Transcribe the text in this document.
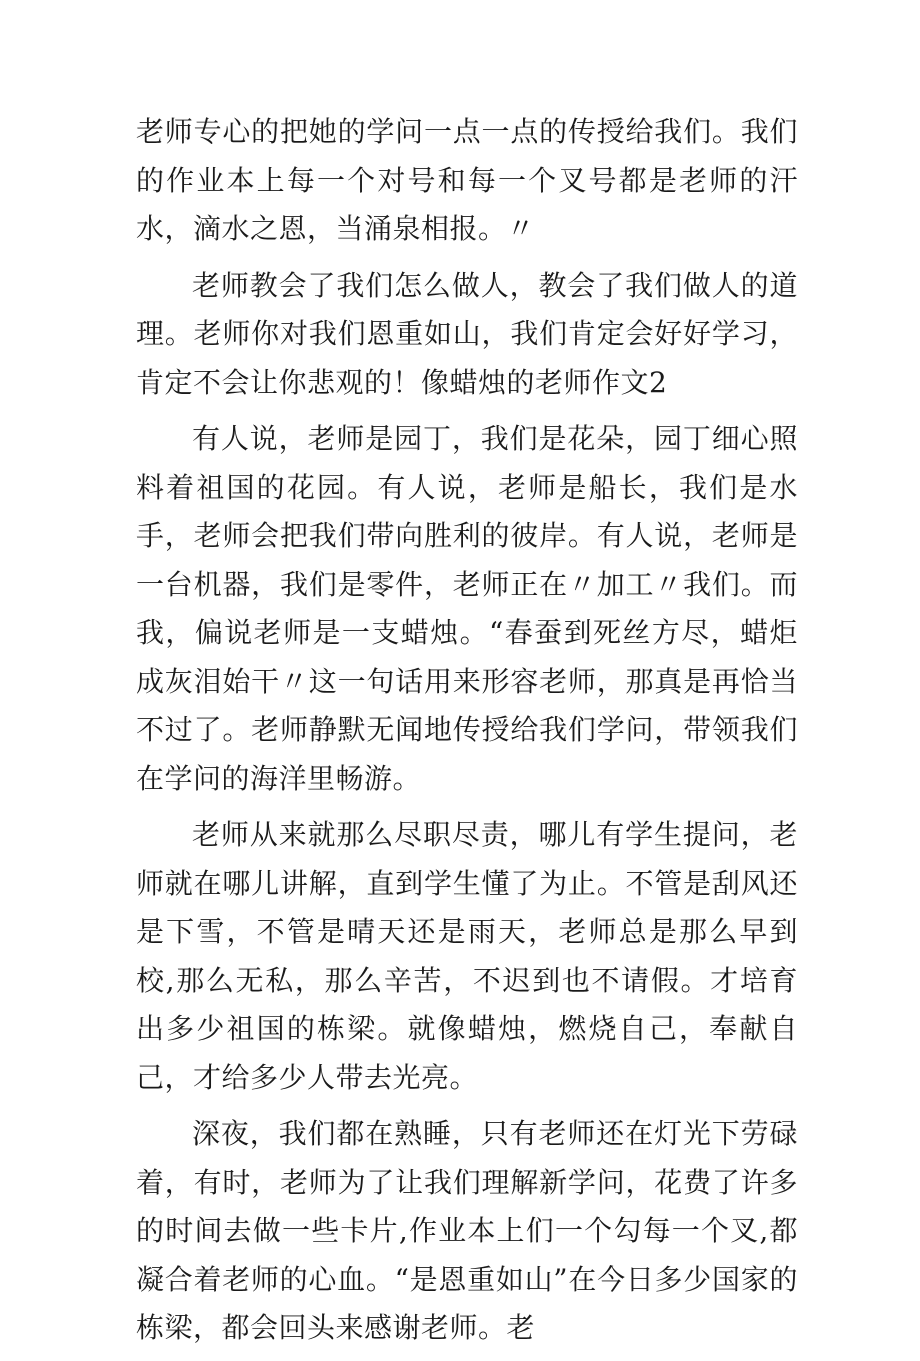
老师专心的把她的学问一点一点的传授给我们。我们的作业本上每一个对号和每一个叉号都是老师的汗水，滴水之恩，当涌泉相报。〃

老师教会了我们怎么做人，教会了我们做人的道理。老师你对我们恩重如山，我们肯定会好好学习，肯定不会让你悲观的！像蜡烛的老师作文2

有人说，老师是园丁，我们是花朵，园丁细心照料着祖国的花园。有人说，老师是船长，我们是水手，老师会把我们带向胜利的彼岸。有人说，老师是一台机器，我们是零件，老师正在〃加工〃我们。而我，偏说老师是一支蜡烛。“春蚕到死丝方尽，蜡炬成灰泪始干〃这一句话用来形容老师，那真是再恰当不过了。老师静默无闻地传授给我们学问，带领我们在学问的海洋里畅游。

老师从来就那么尽职尽责，哪儿有学生提问，老师就在哪儿讲解，直到学生懂了为止。不管是刮风还是下雪，不管是晴天还是雨天，老师总是那么早到校,那么无私，那么辛苦，不迟到也不请假。才培育出多少祖国的栋梁。就像蜡烛，燃烧自己，奉献自己，才给多少人带去光亮。

深夜，我们都在熟睡，只有老师还在灯光下劳碌着，有时，老师为了让我们理解新学问，花费了许多的时间去做一些卡片,作业本上们一个勾每一个叉,都凝合着老师的心血。“是恩重如山”在今日多少国家的栋梁，都会回头来感谢老师。老
